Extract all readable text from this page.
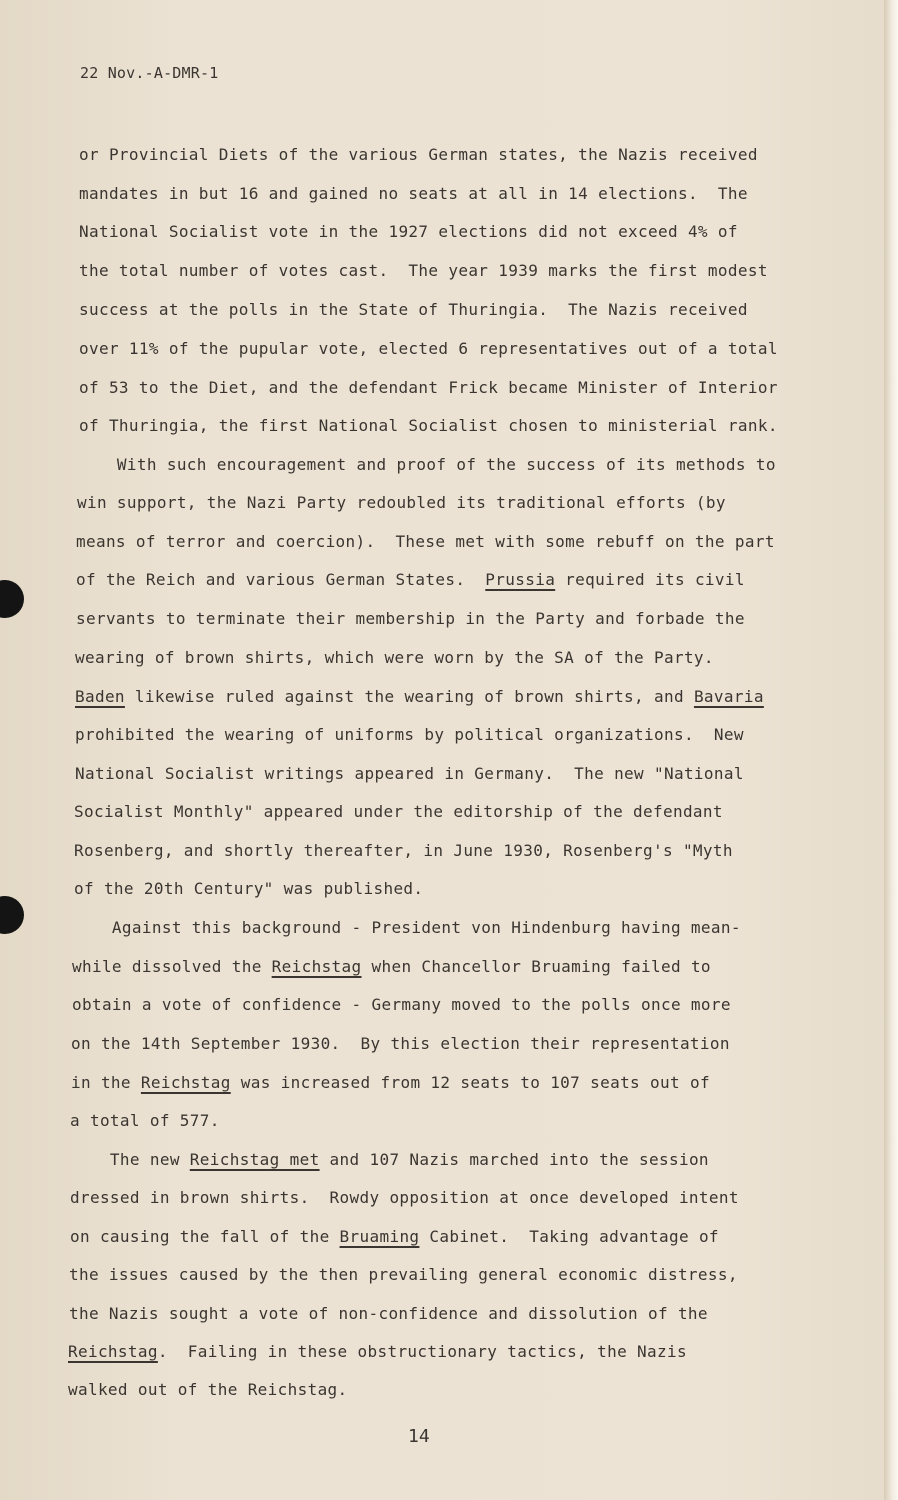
22 Nov.-A-DMR-1
or Provincial Diets of the various German states, the Nazis received
mandates in but 16 and gained no seats at all in 14 elections.  The
National Socialist vote in the 1927 elections did not exceed 4% of
the total number of votes cast.  The year 1939 marks the first modest
success at the polls in the State of Thuringia.  The Nazis received
over 11% of the pupular vote, elected 6 representatives out of a total
of 53 to the Diet, and the defendant Frick became Minister of Interior
of Thuringia, the first National Socialist chosen to ministerial rank.
With such encouragement and proof of the success of its methods to
win support, the Nazi Party redoubled its traditional efforts (by
means of terror and coercion).  These met with some rebuff on the part
of the Reich and various German States.  Prussia required its civil
servants to terminate their membership in the Party and forbade the
wearing of brown shirts, which were worn by the SA of the Party.
Baden likewise ruled against the wearing of brown shirts, and Bavaria
prohibited the wearing of uniforms by political organizations.  New
National Socialist writings appeared in Germany.  The new "National
Socialist Monthly" appeared under the editorship of the defendant
Rosenberg, and shortly thereafter, in June 1930, Rosenberg's "Myth
of the 20th Century" was published.
Against this background - President von Hindenburg having mean-
while dissolved the Reichstag when Chancellor Bruaming failed to
obtain a vote of confidence - Germany moved to the polls once more
on the 14th September 1930.  By this election their representation
in the Reichstag was increased from 12 seats to 107 seats out of
a total of 577.
The new Reichstag met and 107 Nazis marched into the session
dressed in brown shirts.  Rowdy opposition at once developed intent
on causing the fall of the Bruaming Cabinet.  Taking advantage of
the issues caused by the then prevailing general economic distress,
the Nazis sought a vote of non-confidence and dissolution of the
Reichstag.  Failing in these obstructionary tactics, the Nazis
walked out of the Reichstag.
14
